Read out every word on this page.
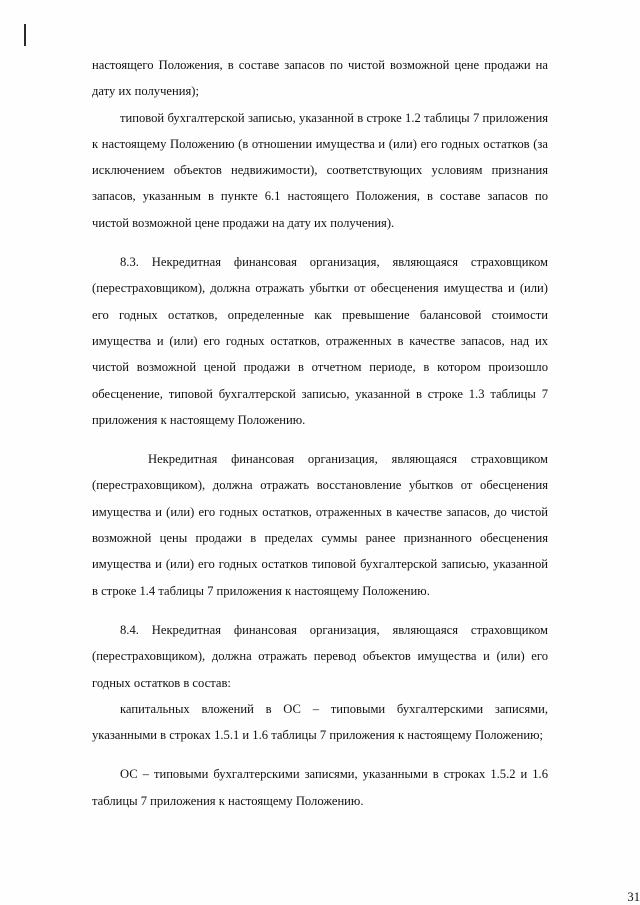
настоящего Положения, в составе запасов по чистой возможной цене продажи на дату их получения);

типовой бухгалтерской записью, указанной в строке 1.2 таблицы 7 приложения к настоящему Положению (в отношении имущества и (или) его годных остатков (за исключением объектов недвижимости), соответствующих условиям признания запасов, указанным в пункте 6.1 настоящего Положения, в составе запасов по чистой возможной цене продажи на дату их получения).

8.3. Некредитная финансовая организация, являющаяся страховщиком (перестраховщиком), должна отражать убытки от обесценения имущества и (или) его годных остатков, определенные как превышение балансовой стоимости имущества и (или) его годных остатков, отраженных в качестве запасов, над их чистой возможной ценой продажи в отчетном периоде, в котором произошло обесценение, типовой бухгалтерской записью, указанной в строке 1.3 таблицы 7 приложения к настоящему Положению.

Некредитная финансовая организация, являющаяся страховщиком (перестраховщиком), должна отражать восстановление убытков от обесценения имущества и (или) его годных остатков, отраженных в качестве запасов, до чистой возможной цены продажи в пределах суммы ранее признанного обесценения имущества и (или) его годных остатков типовой бухгалтерской записью, указанной в строке 1.4 таблицы 7 приложения к настоящему Положению.

8.4. Некредитная финансовая организация, являющаяся страховщиком (перестраховщиком), должна отражать перевод объектов имущества и (или) его годных остатков в состав:

капитальных вложений в ОС – типовыми бухгалтерскими записями, указанными в строках 1.5.1 и 1.6 таблицы 7 приложения к настоящему Положению;

ОС – типовыми бухгалтерскими записями, указанными в строках 1.5.2 и 1.6 таблицы 7 приложения к настоящему Положению.

31
